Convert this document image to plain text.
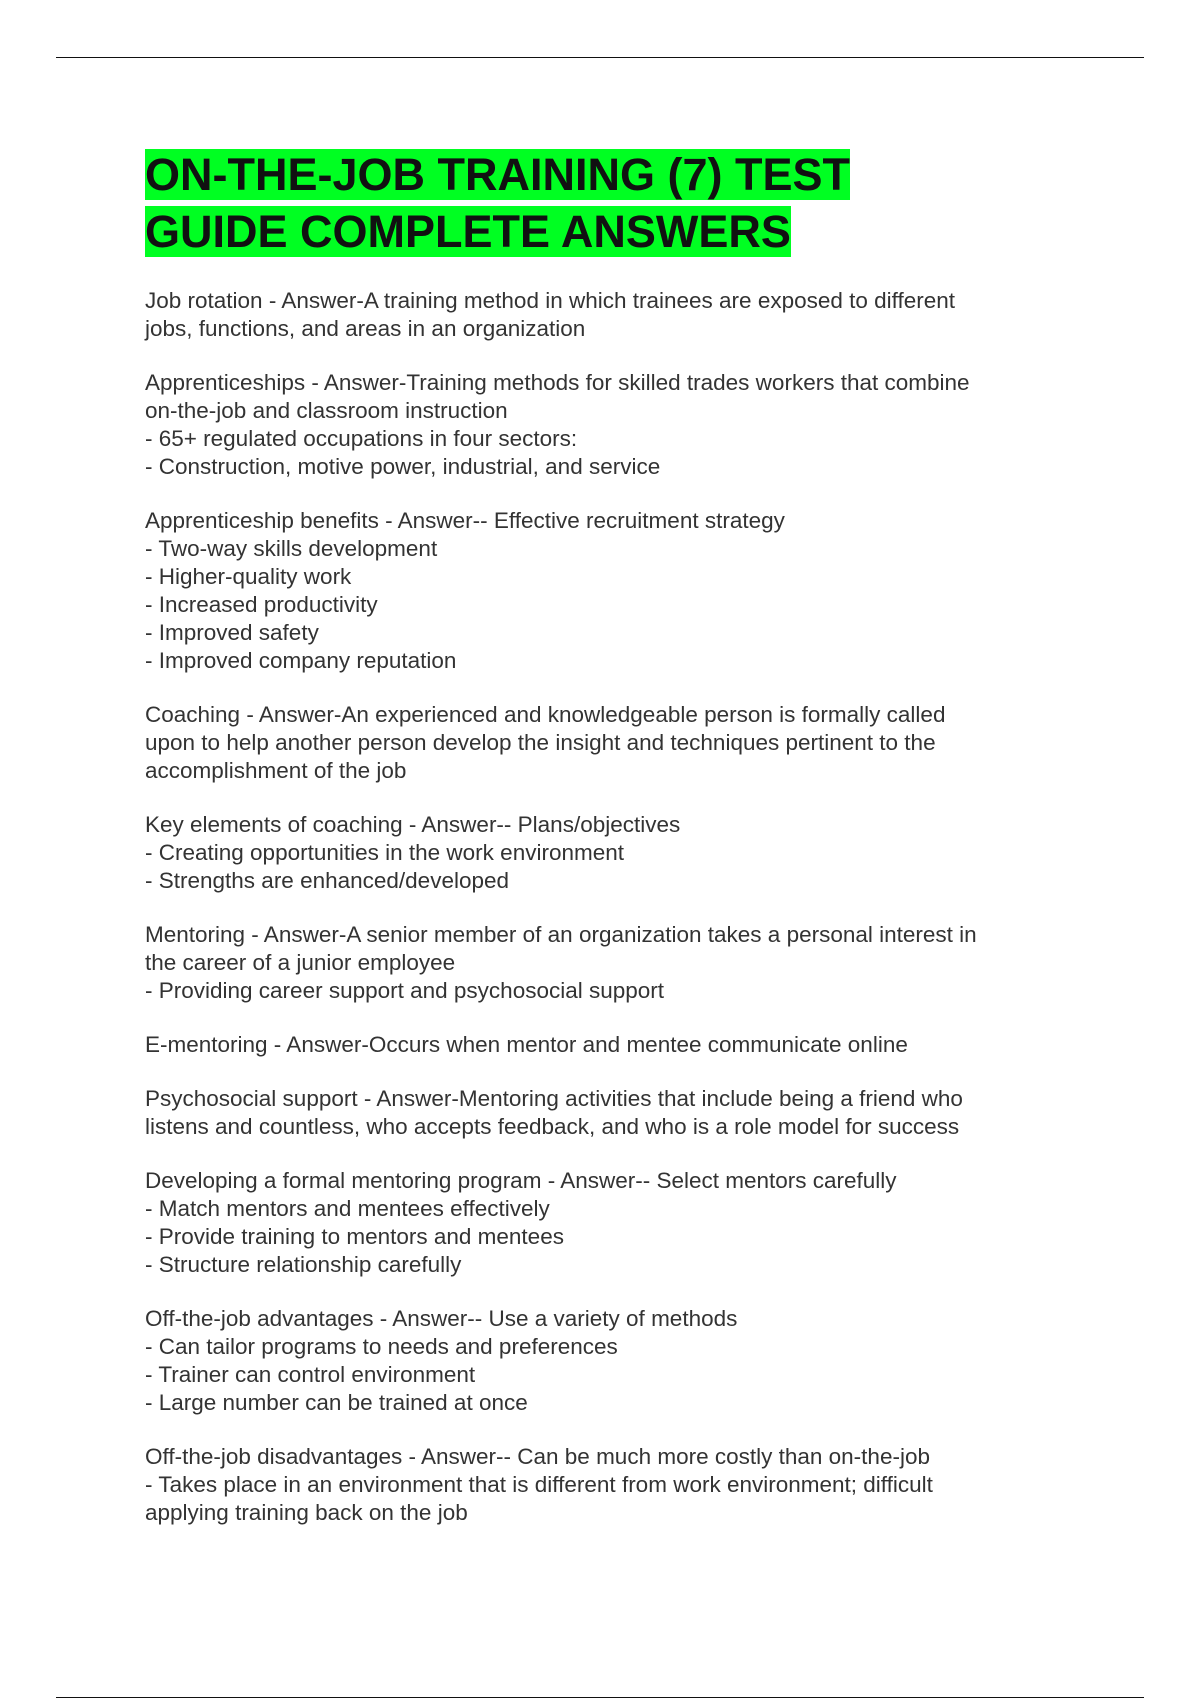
ON-THE-JOB TRAINING (7) TEST
GUIDE COMPLETE ANSWERS
Job rotation - Answer-A training method in which trainees are exposed to different
jobs, functions, and areas in an organization
Apprenticeships - Answer-Training methods for skilled trades workers that combine
on-the-job and classroom instruction
- 65+ regulated occupations in four sectors:
- Construction, motive power, industrial, and service
Apprenticeship benefits - Answer-- Effective recruitment strategy
- Two-way skills development
- Higher-quality work
- Increased productivity
- Improved safety
- Improved company reputation
Coaching - Answer-An experienced and knowledgeable person is formally called
upon to help another person develop the insight and techniques pertinent to the
accomplishment of the job
Key elements of coaching - Answer-- Plans/objectives
- Creating opportunities in the work environment
- Strengths are enhanced/developed
Mentoring - Answer-A senior member of an organization takes a personal interest in
the career of a junior employee
- Providing career support and psychosocial support
E-mentoring - Answer-Occurs when mentor and mentee communicate online
Psychosocial support - Answer-Mentoring activities that include being a friend who
listens and countless, who accepts feedback, and who is a role model for success
Developing a formal mentoring program - Answer-- Select mentors carefully
- Match mentors and mentees effectively
- Provide training to mentors and mentees
- Structure relationship carefully
Off-the-job advantages - Answer-- Use a variety of methods
- Can tailor programs to needs and preferences
- Trainer can control environment
- Large number can be trained at once
Off-the-job disadvantages - Answer-- Can be much more costly than on-the-job
- Takes place in an environment that is different from work environment; difficult
applying training back on the job
